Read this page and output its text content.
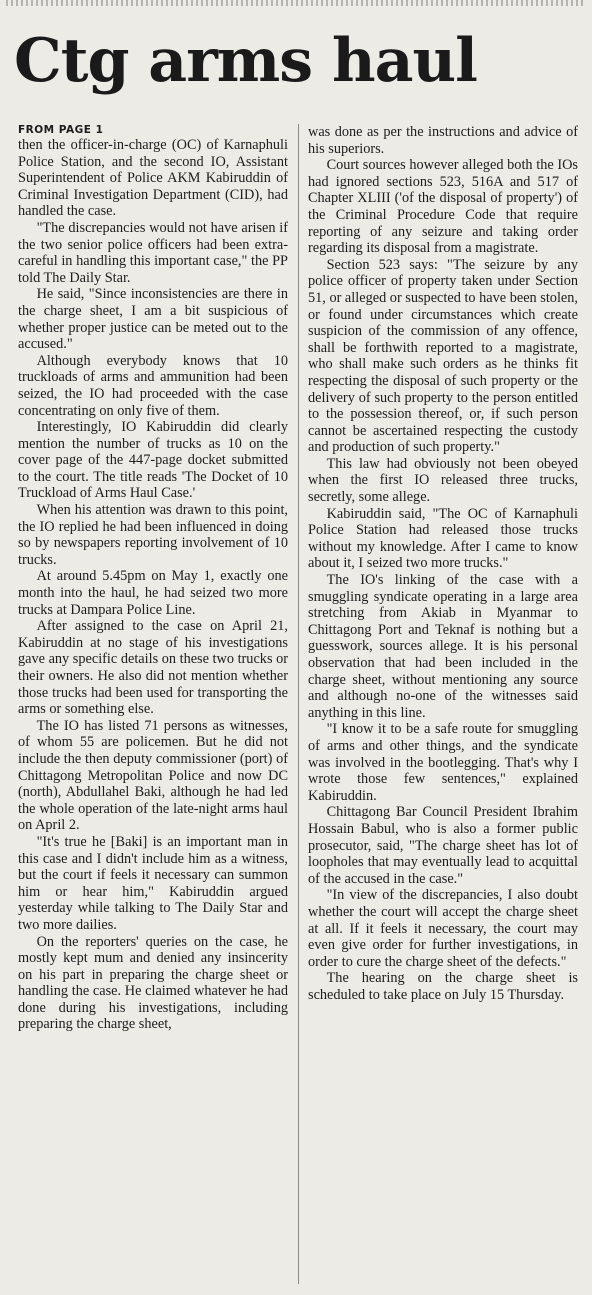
Ctg arms haul
FROM PAGE 1

then the officer-in-charge (OC) of Karnaphuli Police Station, and the second IO, Assistant Superintendent of Police AKM Kabiruddin of Criminal Investigation Department (CID), had handled the case.

"The discrepancies would not have arisen if the two senior police officers had been extra-careful in handling this important case," the PP told The Daily Star.

He said, "Since inconsistencies are there in the charge sheet, I am a bit suspicious of whether proper justice can be meted out to the accused."

Although everybody knows that 10 truckloads of arms and ammunition had been seized, the IO had proceeded with the case concentrating on only five of them.

Interestingly, IO Kabiruddin did clearly mention the number of trucks as 10 on the cover page of the 447-page docket submitted to the court. The title reads 'The Docket of 10 Truckload of Arms Haul Case.'

When his attention was drawn to this point, the IO replied he had been influenced in doing so by newspapers reporting involvement of 10 trucks.

At around 5.45pm on May 1, exactly one month into the haul, he had seized two more trucks at Dampara Police Line.

After assigned to the case on April 21, Kabiruddin at no stage of his investigations gave any specific details on these two trucks or their owners. He also did not mention whether those trucks had been used for transporting the arms or something else.

The IO has listed 71 persons as witnesses, of whom 55 are policemen. But he did not include the then deputy commissioner (port) of Chittagong Metropolitan Police and now DC (north), Abdullahel Baki, although he had led the whole operation of the late-night arms haul on April 2.

"It's true he [Baki] is an important man in this case and I didn't include him as a witness, but the court if feels it necessary can summon him or hear him," Kabiruddin argued yesterday while talking to The Daily Star and two more dailies.

On the reporters' queries on the case, he mostly kept mum and denied any insincerity on his part in preparing the charge sheet or handling the case. He claimed whatever he had done during his investigations, including preparing the charge sheet,

was done as per the instructions and advice of his superiors.

Court sources however alleged both the IOs had ignored sections 523, 516A and 517 of Chapter XLIII ('of the disposal of property') of the Criminal Procedure Code that require reporting of any seizure and taking order regarding its disposal from a magistrate.

Section 523 says: "The seizure by any police officer of property taken under Section 51, or alleged or suspected to have been stolen, or found under circumstances which create suspicion of the commission of any offence, shall be forthwith reported to a magistrate, who shall make such orders as he thinks fit respecting the disposal of such property or the delivery of such property to the person entitled to the possession thereof, or, if such person cannot be ascertained respecting the custody and production of such property."

This law had obviously not been obeyed when the first IO released three trucks, secretly, some allege.

Kabiruddin said, "The OC of Karnaphuli Police Station had released those trucks without my knowledge. After I came to know about it, I seized two more trucks."

The IO's linking of the case with a smuggling syndicate operating in a large area stretching from Akiab in Myanmar to Chittagong Port and Teknaf is nothing but a guesswork, sources allege. It is his personal observation that had been included in the charge sheet, without mentioning any source and although no-one of the witnesses said anything in this line.

"I know it to be a safe route for smuggling of arms and other things, and the syndicate was involved in the bootlegging. That's why I wrote those few sentences," explained Kabiruddin.

Chittagong Bar Council President Ibrahim Hossain Babul, who is also a former public prosecutor, said, "The charge sheet has lot of loopholes that may eventually lead to acquittal of the accused in the case."

"In view of the discrepancies, I also doubt whether the court will accept the charge sheet at all. If it feels it necessary, the court may even give order for further investigations, in order to cure the charge sheet of the defects."

The hearing on the charge sheet is scheduled to take place on July 15 Thursday.
